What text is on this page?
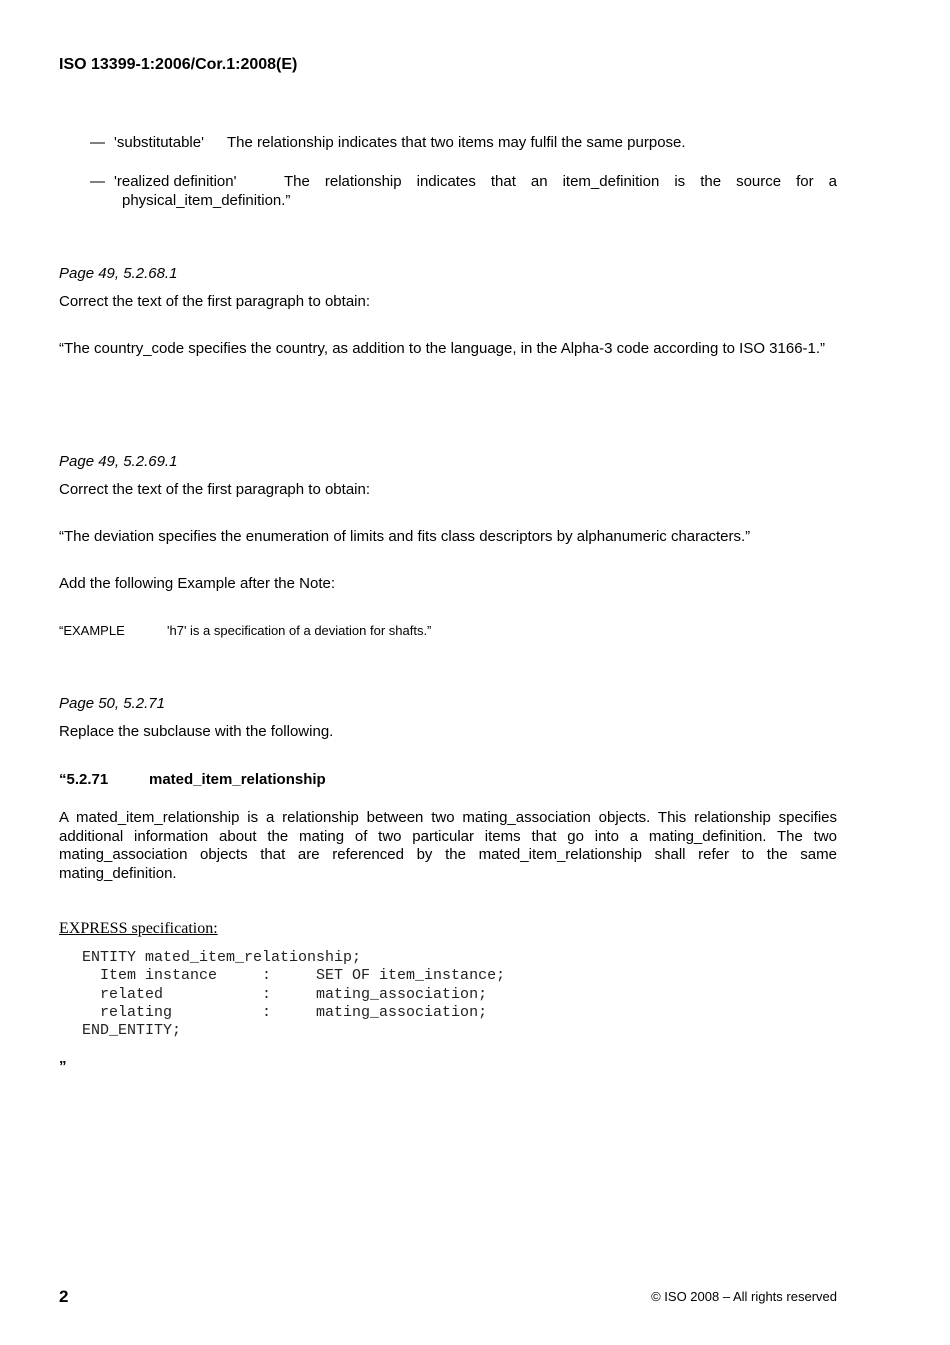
ISO 13399-1:2006/Cor.1:2008(E)
— 'substitutable' The relationship indicates that two items may fulfil the same purpose.
— 'realized definition'	The relationship indicates that an item_definition is the source for a
physical_item_definition.”
Page 49, 5.2.68.1
Correct the text of the first paragraph to obtain:
“The country_code specifies the country, as addition to the language, in the Alpha-3 code according to ISO 3166-1.”
Page 49, 5.2.69.1
Correct the text of the first paragraph to obtain:
“The deviation specifies the enumeration of limits and fits class descriptors by alphanumeric characters.”
Add the following Example after the Note:
“EXAMPLE	'h7' is a specification of a deviation for shafts.”
Page 50, 5.2.71
Replace the subclause with the following.
“5.2.71	mated_item_relationship
A mated_item_relationship is a relationship between two mating_association objects. This relationship specifies additional information about the mating of two particular items that go into a mating_definition. The two mating_association objects that are referenced by the mated_item_relationship shall refer to the same mating_definition.
EXPRESS specification:
ENTITY mated_item_relationship;
Item instance     :     SET OF item_instance;
related           :     mating_association;
relating          :     mating_association;
END_ENTITY;
”
2	© ISO 2008 – All rights reserved
